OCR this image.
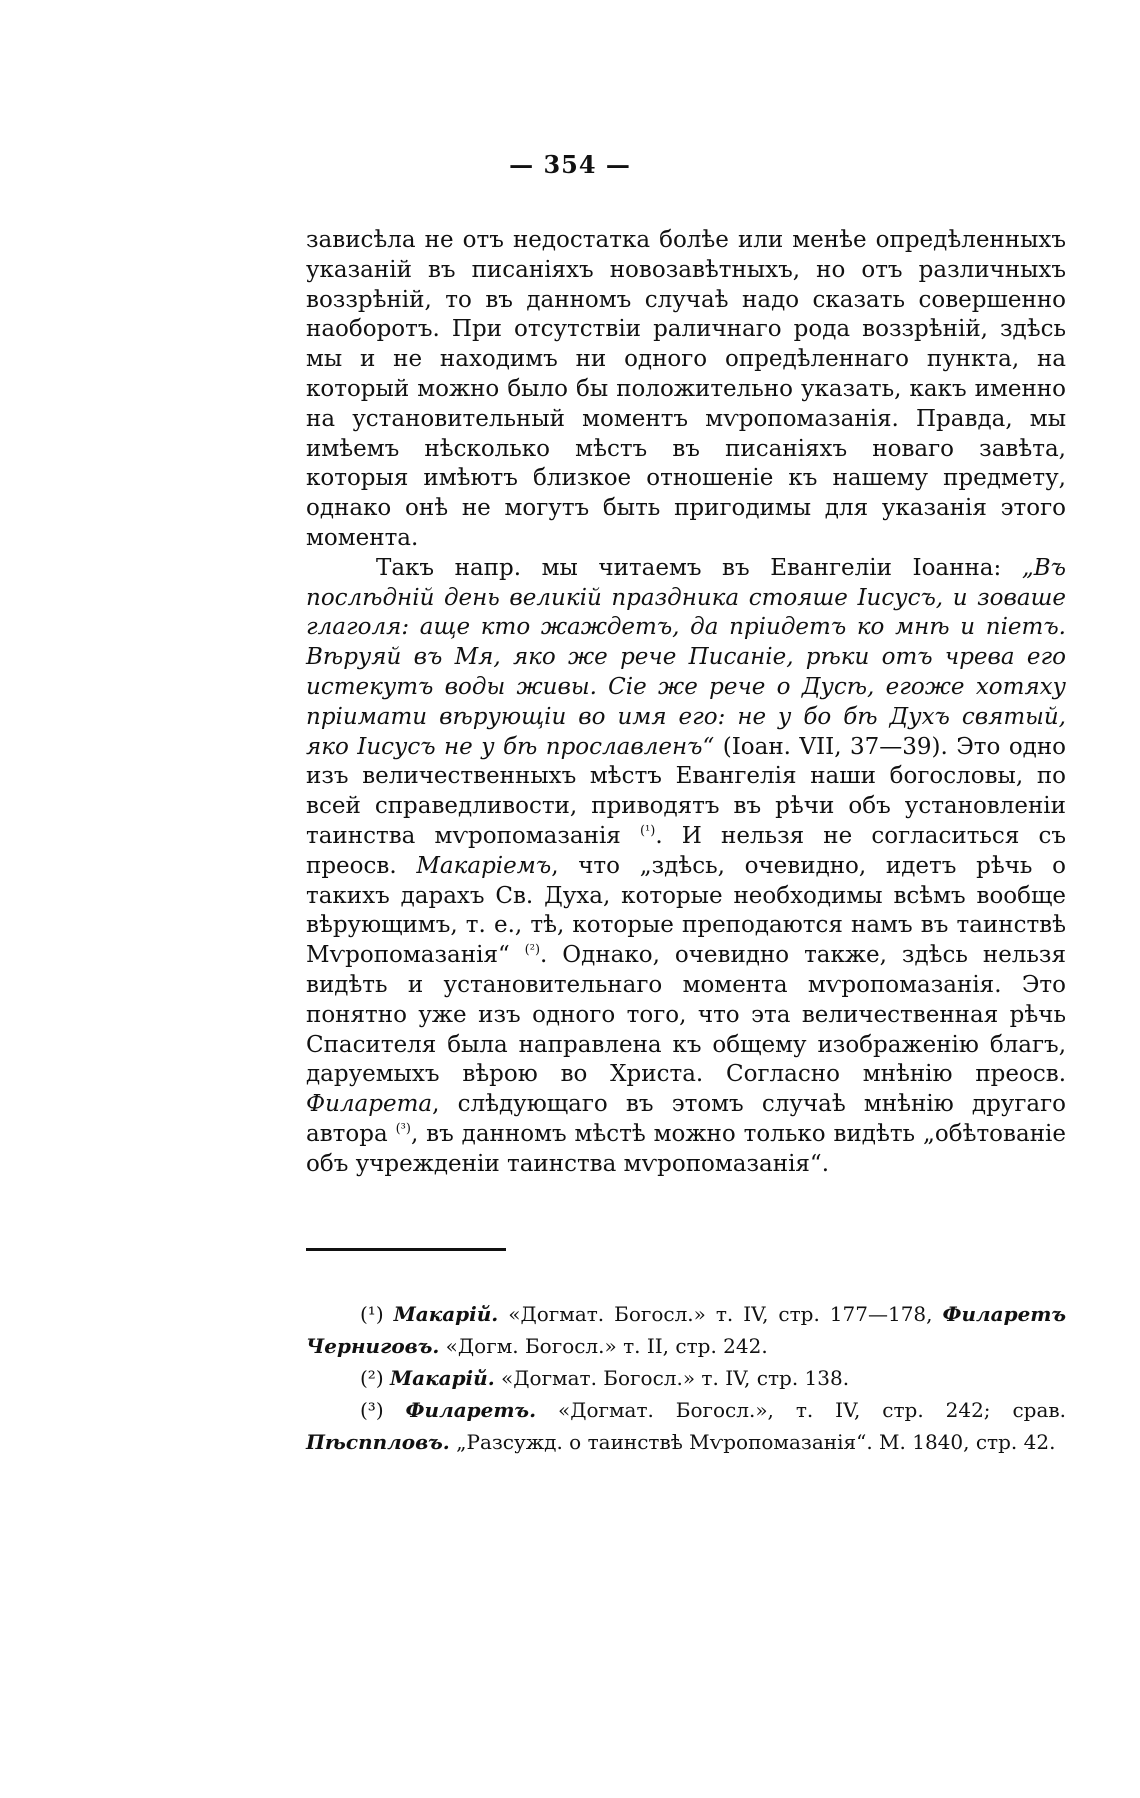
— 354 —

завиcѣла не отъ недостатка болѣе или менѣе опредѣленныхъ указаній въ писаніяхъ новозавѣтныхъ, но отъ различныхъ воззрѣній, то въ данномъ случаѣ надо сказать совершенно наоборотъ. При отсутствіи раличнаго рода воззрѣній, здѣсь мы и не находимъ ни одного опредѣленнаго пункта, на который можно было бы положительно указать, какъ именно на установительный моментъ мѵропомазанія. Правда, мы имѣемъ нѣсколько мѣстъ въ писаніяхъ новаго завѣта, которыя имѣютъ близкое отношеніе къ нашему предмету, однако онѣ не могутъ быть пригодимы для указанія этого момента.

Такъ напр. мы читаемъ въ Евангеліи Іоанна: „Въ послѣдній день великій праздника стояше Іисусъ, и зоваше глаголя: аще кто жаждетъ, да пріидетъ ко мнѣ и піетъ. Вѣруяй въ Мя, яко же рече Писаніе, рѣки отъ чрева его истекутъ воды живы. Сіе же рече о Дусѣ, егоже хотяху пріимати вѣрующіи во имя его: не у бо бѣ Духъ святый, яко Іисусъ не у бѣ прославленъ“ (Іоан. VII, 37—39). Это одно изъ величественныхъ мѣстъ Евангелія наши богословы, по всей справедливости, приводятъ въ рѣчи объ установленіи таинства мѵропомазанія $^{(^1)}$. И нельзя не согласиться съ преосв. Макаріемъ, что „здѣсь, очевидно, идетъ рѣчь о такихъ дарахъ Св. Духа, которые необходимы всѣмъ вообще вѣрующимъ, т. е., тѣ, которые преподаются намъ въ таинствѣ Мѵропомазанія“ $^{(^2)}$. Однако, очевидно также, здѣсь нельзя видѣть и установительнаго момента мѵропомазанія. Это понятно уже изъ одного того, что эта величественная рѣчь Спасителя была направлена къ общему изображенію благъ, даруемыхъ вѣрою во Христа. Согласно мнѣнію преосв. Филарета, слѣдующаго въ этомъ случаѣ мнѣнію другаго автора $^{(^3)}$, въ данномъ мѣстѣ можно только видѣть „обѣтованіе объ учрежденіи таинства мѵропомазанія“.

(¹) Макарій. «Догмат. Богосл.» т. IV, стр. 177—178, Филаретъ Черниговъ. «Догм. Богосл.» т. II, стр. 242.

(²) Макарій. «Догмат. Богосл.» т. IV, стр. 138.

(³) Филаретъ. «Догмат. Богосл.», т. IV, стр. 242; срав. Пѣсппловъ. „Разсужд. о таинствѣ Мѵропомазанія“. М. 1840, стр. 42.
